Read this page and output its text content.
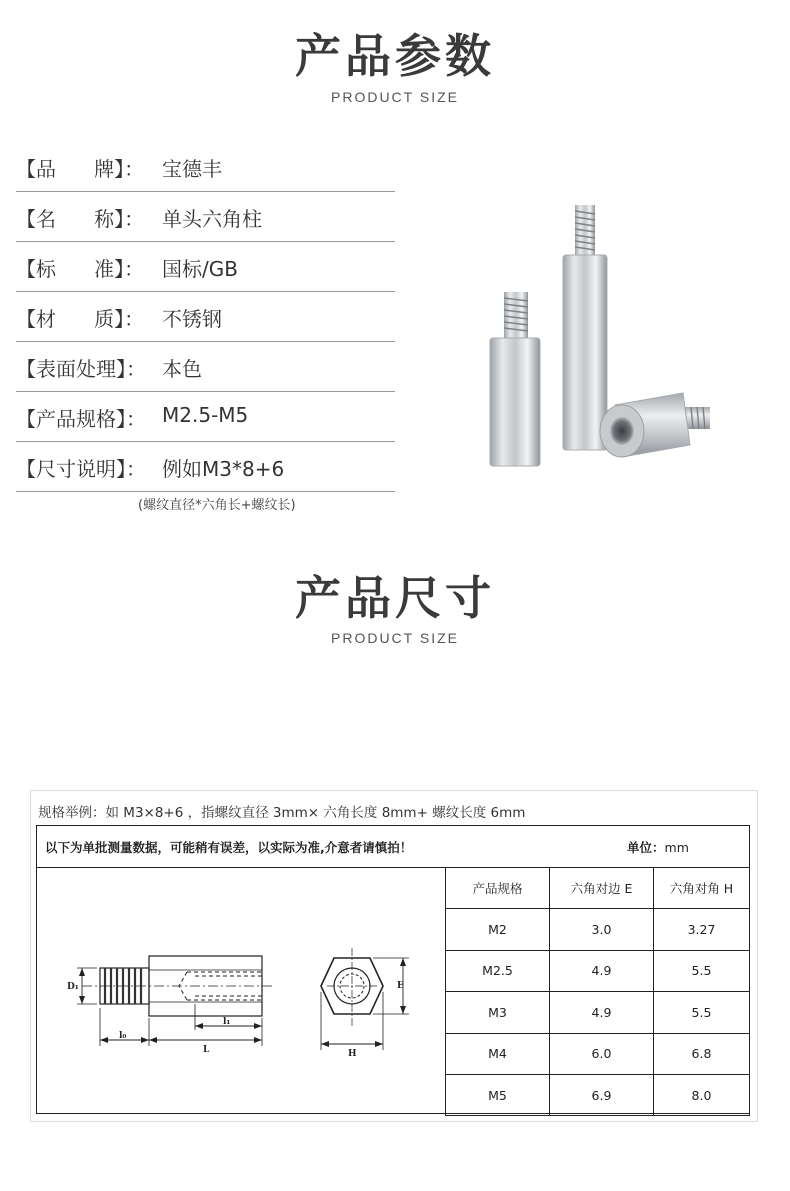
产品参数
PRODUCT SIZE
【品      牌】： 宝德丰
【名      称】： 单头六角柱
【标      准】： 国标/GB
【材      质】： 不锈钢
【表面处理】： 本色
【产品规格】： M2.5-M5
【尺寸说明】： 例如M3*8+6
(螺纹直径*六角长+螺纹长)
产品尺寸
PRODUCT SIZE
规格举例：如 M3×8+6 ，指螺纹直径 3mm× 六角长度 8mm+ 螺纹长度 6mm
以下为单批测量数据，可能稍有误差，以实际为准,介意者请慎拍！	单位：mm
D₁
l₀
L
l₁
E
H
产品规格	六角对边 E	六角对角 H
M2	3.0	3.27
M2.5	4.9	5.5
M3	4.9	5.5
M4	6.0	6.8
M5	6.9	8.0
